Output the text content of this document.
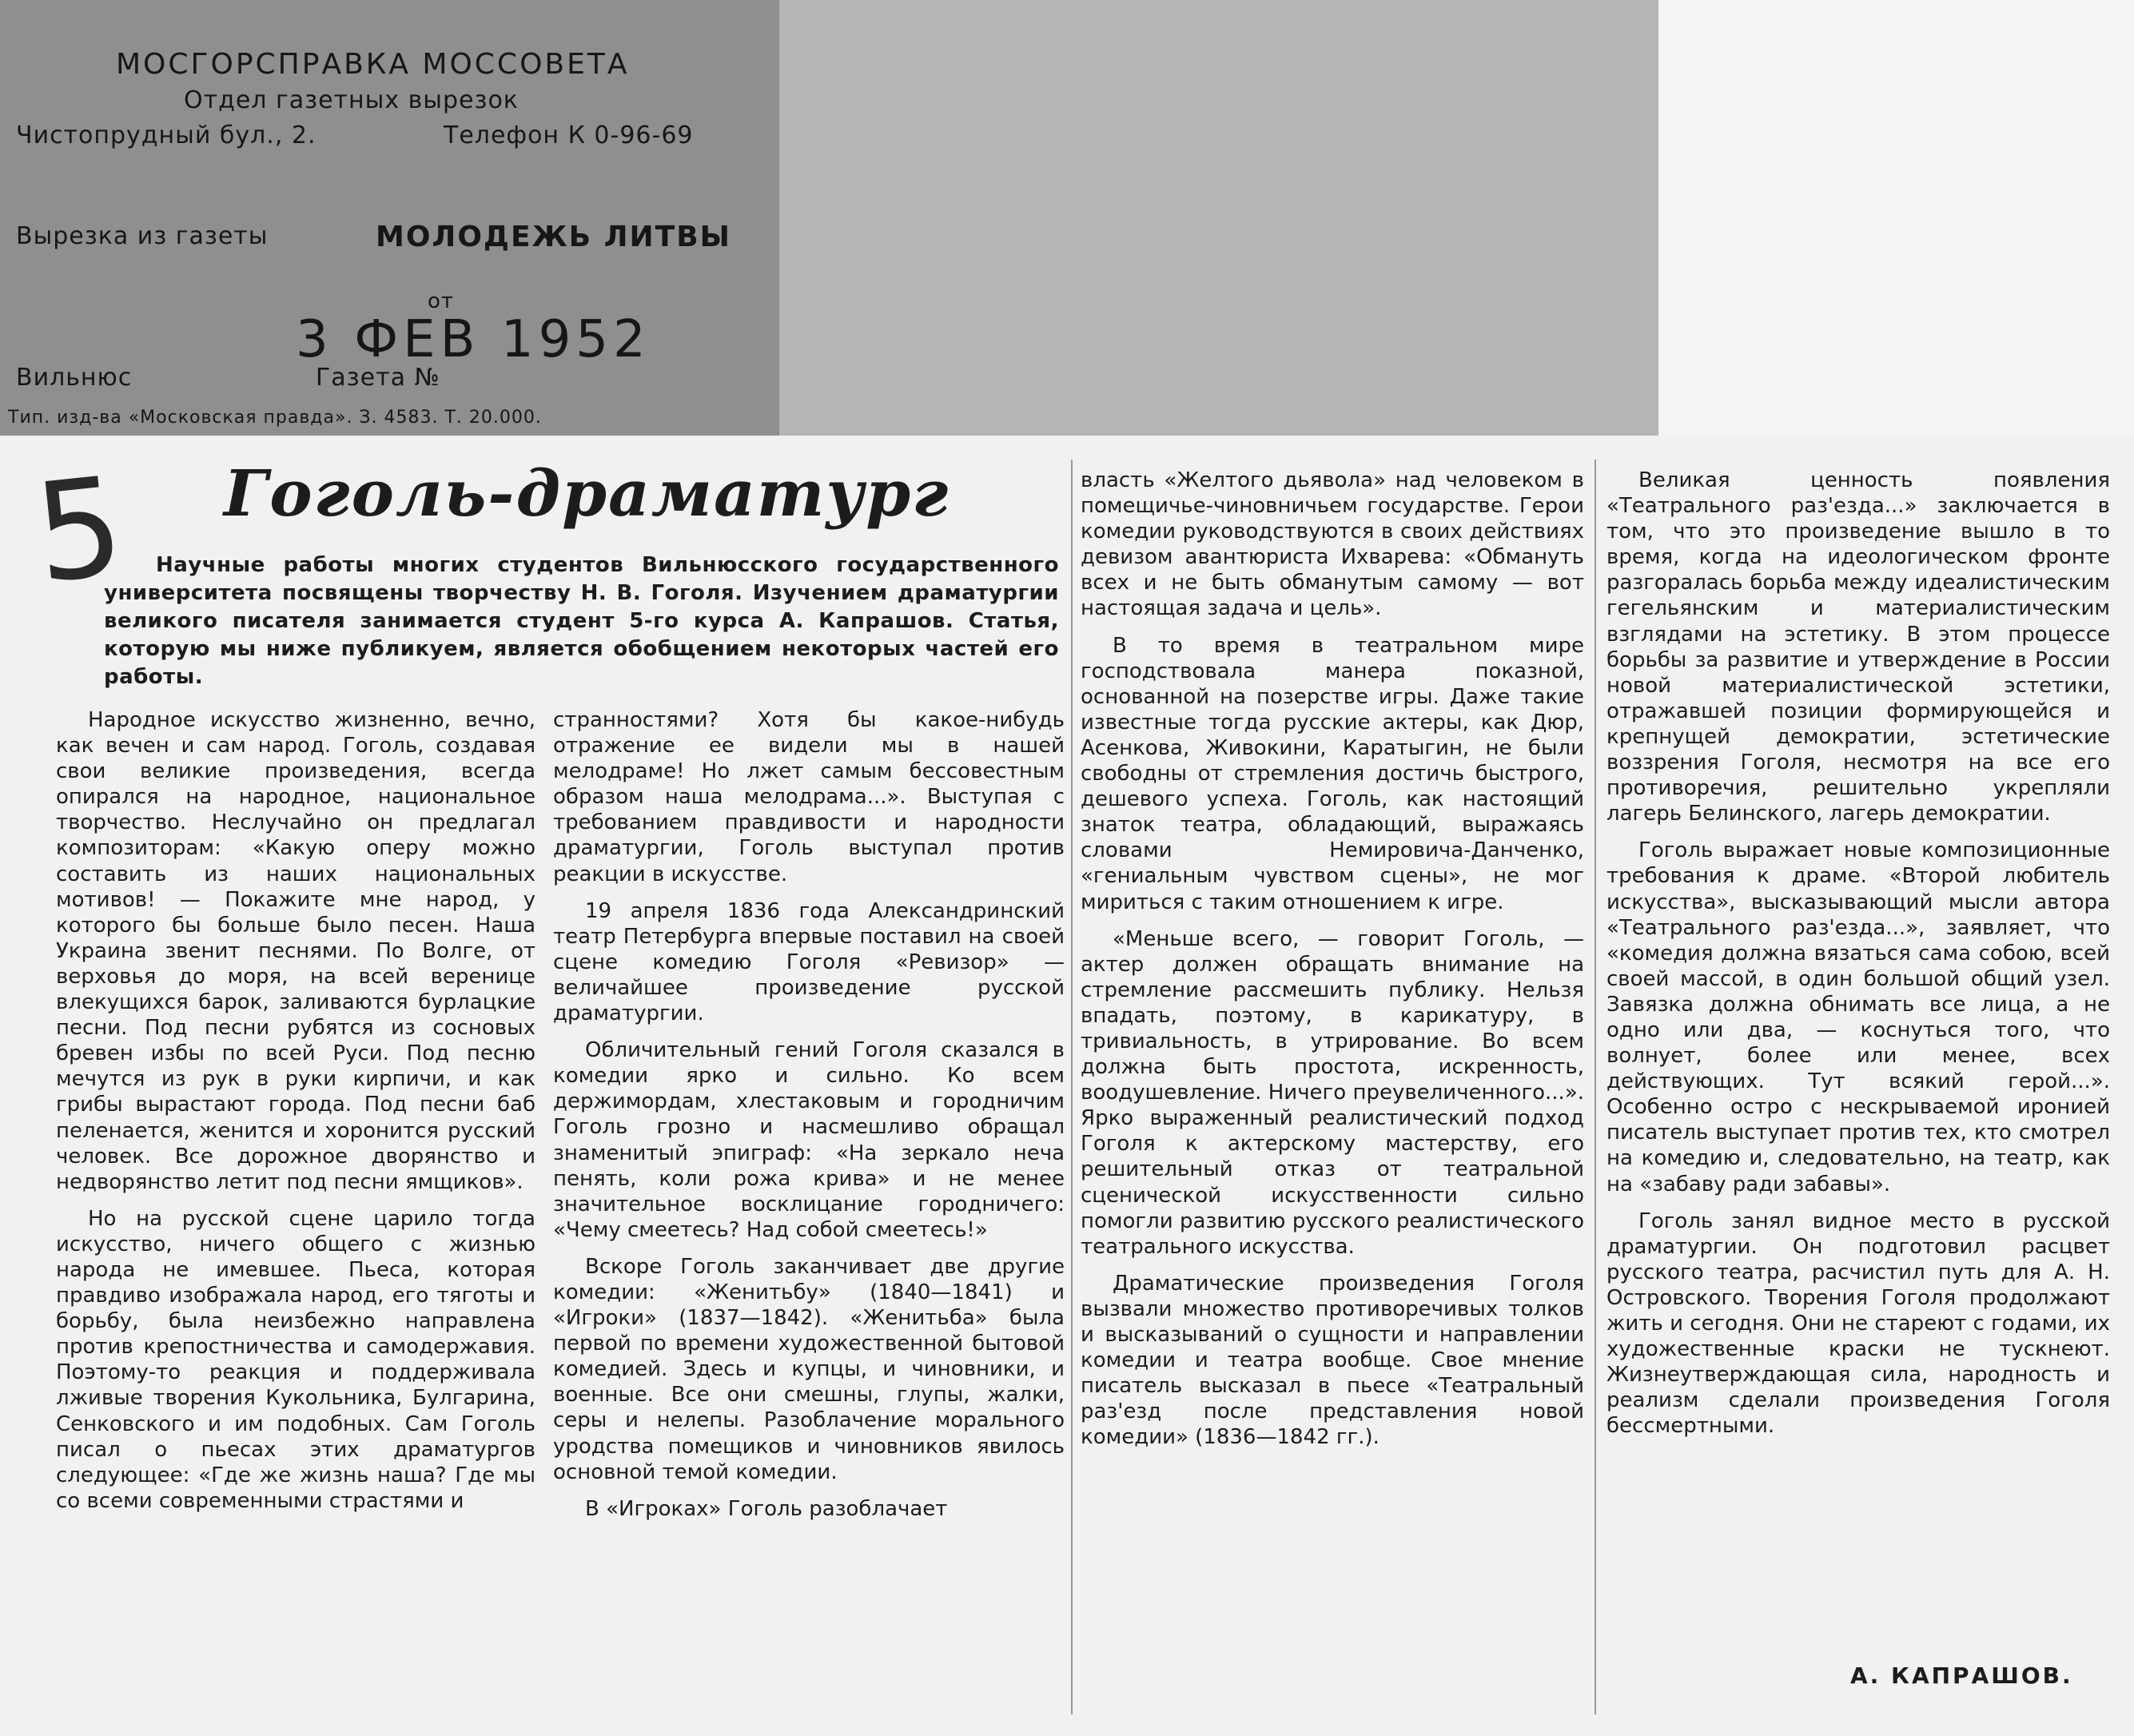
МОСГОРСПРАВКА МОССОВЕТА
Отдел газетных вырезок
Чистопрудный бул., 2.	Телефон К 0-96-69
Вырезка из газеты	МОЛОДЕЖЬ ЛИТВЫ
от
3 ФЕВ 1952
Вильнюс	Газета №
Тип. изд-ва «Московская правда». З. 4583. Т. 20.000.
5 Гоголь-драматург
Научные работы многих студентов Вильнюсского государственного университета посвящены творчеству Н. В. Гоголя. Изучением драматургии великого писателя занимается студент 5-го курса А. Капрашов. Статья, которую мы ниже публикуем, является обобщением некоторых частей его работы.

Народное искусство жизненно, вечно, как вечен и сам народ. Гоголь, создавая свои великие произведения, всегда опирался на народное, национальное творчество. Неслучайно он предлагал композиторам: «Какую оперу можно составить из наших национальных мотивов! — Покажите мне народ, у которого бы больше было песен. Наша Украина звенит песнями. По Волге, от верховья до моря, на всей веренице влекущихся барок, заливаются бурлацкие песни. Под песни рубятся из сосновых бревен избы по всей Руси. Под песню мечутся из рук в руки кирпичи, и как грибы вырастают города. Под песни баб пеленается, женится и хоронится русский человек. Все дорожное дворянство и недворянство летит под песни ямщиков».

Но на русской сцене царило тогда искусство, ничего общего с жизнью народа не имевшее. Пьеса, которая правдиво изображала народ, его тяготы и борьбу, была неизбежно направлена против крепостничества и самодержавия. Поэтому-то реакция и поддерживала лживые творения Кукольника, Булгарина, Сенковского и им подобных. Сам Гоголь писал о пьесах этих драматургов следующее: «Где же жизнь наша? Где мы со всеми современными страстями и

странностями? Хотя бы какое-нибудь отражение ее видели мы в нашей мелодраме! Но лжет самым бессовестным образом наша мелодрама...». Выступая с требованием правдивости и народности драматургии, Гоголь выступал против реакции в искусстве.

19 апреля 1836 года Александринский театр Петербурга впервые поставил на своей сцене комедию Гоголя «Ревизор» — величайшее произведение русской драматургии.

Обличительный гений Гоголя сказался в комедии ярко и сильно. Ко всем держимордам, хлестаковым и городничим Гоголь грозно и насмешливо обращал знаменитый эпиграф: «На зеркало неча пенять, коли рожа крива» и не менее значительное восклицание городничего: «Чему смеетесь? Над собой смеетесь!»

Вскоре Гоголь заканчивает две другие комедии: «Женитьбу» (1840—1841) и «Игроки» (1837—1842). «Женитьба» была первой по времени художественной бытовой комедией. Здесь и купцы, и чиновники, и военные. Все они смешны, глупы, жалки, серы и нелепы. Разоблачение морального уродства помещиков и чиновников явилось основной темой комедии.

В «Игроках» Гоголь разоблачает

власть «Желтого дьявола» над человеком в помещичье-чиновничьем государстве. Герои комедии руководствуются в своих действиях девизом авантюриста Ихварева: «Обмануть всех и не быть обманутым самому — вот настоящая задача и цель».

В то время в театральном мире господствовала манера показной, основанной на позерстве игры. Даже такие известные тогда русские актеры, как Дюр, Асенкова, Живокини, Каратыгин, не были свободны от стремления достичь быстрого, дешевого успеха. Гоголь, как настоящий знаток театра, обладающий, выражаясь словами Немировича-Данченко, «гениальным чувством сцены», не мог мириться с таким отношением к игре.

«Меньше всего, — говорит Гоголь, — актер должен обращать внимание на стремление рассмешить публику. Нельзя впадать, поэтому, в карикатуру, в тривиальность, в утрирование. Во всем должна быть простота, искренность, воодушевление. Ничего преувеличенного...». Ярко выраженный реалистический подход Гоголя к актерскому мастерству, его решительный отказ от театральной сценической искусственности сильно помогли развитию русского реалистического театрального искусства.

Драматические произведения Гоголя вызвали множество противоречивых толков и высказываний о сущности и направлении комедии и театра вообще. Свое мнение писатель высказал в пьесе «Театральный раз'езд после представления новой комедии» (1836—1842 гг.).

Великая ценность появления «Театрального раз'езда...» заключается в том, что это произведение вышло в то время, когда на идеологическом фронте разгоралась борьба между идеалистическим гегельянским и материалистическим взглядами на эстетику. В этом процессе борьбы за развитие и утверждение в России новой материалистической эстетики, отражавшей позиции формирующейся и крепнущей демократии, эстетические воззрения Гоголя, несмотря на все его противоречия, решительно укрепляли лагерь Белинского, лагерь демократии.

Гоголь выражает новые композиционные требования к драме. «Второй любитель искусства», высказывающий мысли автора «Театрального раз'езда...», заявляет, что «комедия должна вязаться сама собою, всей своей массой, в один большой общий узел. Завязка должна обнимать все лица, а не одно или два, — коснуться того, что волнует, более или менее, всех действующих. Тут всякий герой...». Особенно остро с нескрываемой иронией писатель выступает против тех, кто смотрел на комедию и, следовательно, на театр, как на «забаву ради забавы».

Гоголь занял видное место в русской драматургии. Он подготовил расцвет русского театра, расчистил путь для А. Н. Островского. Творения Гоголя продолжают жить и сегодня. Они не стареют с годами, их художественные краски не тускнеют. Жизнеутверждающая сила, народность и реализм сделали произведения Гоголя бессмертными.

А. КАПРАШОВ.
